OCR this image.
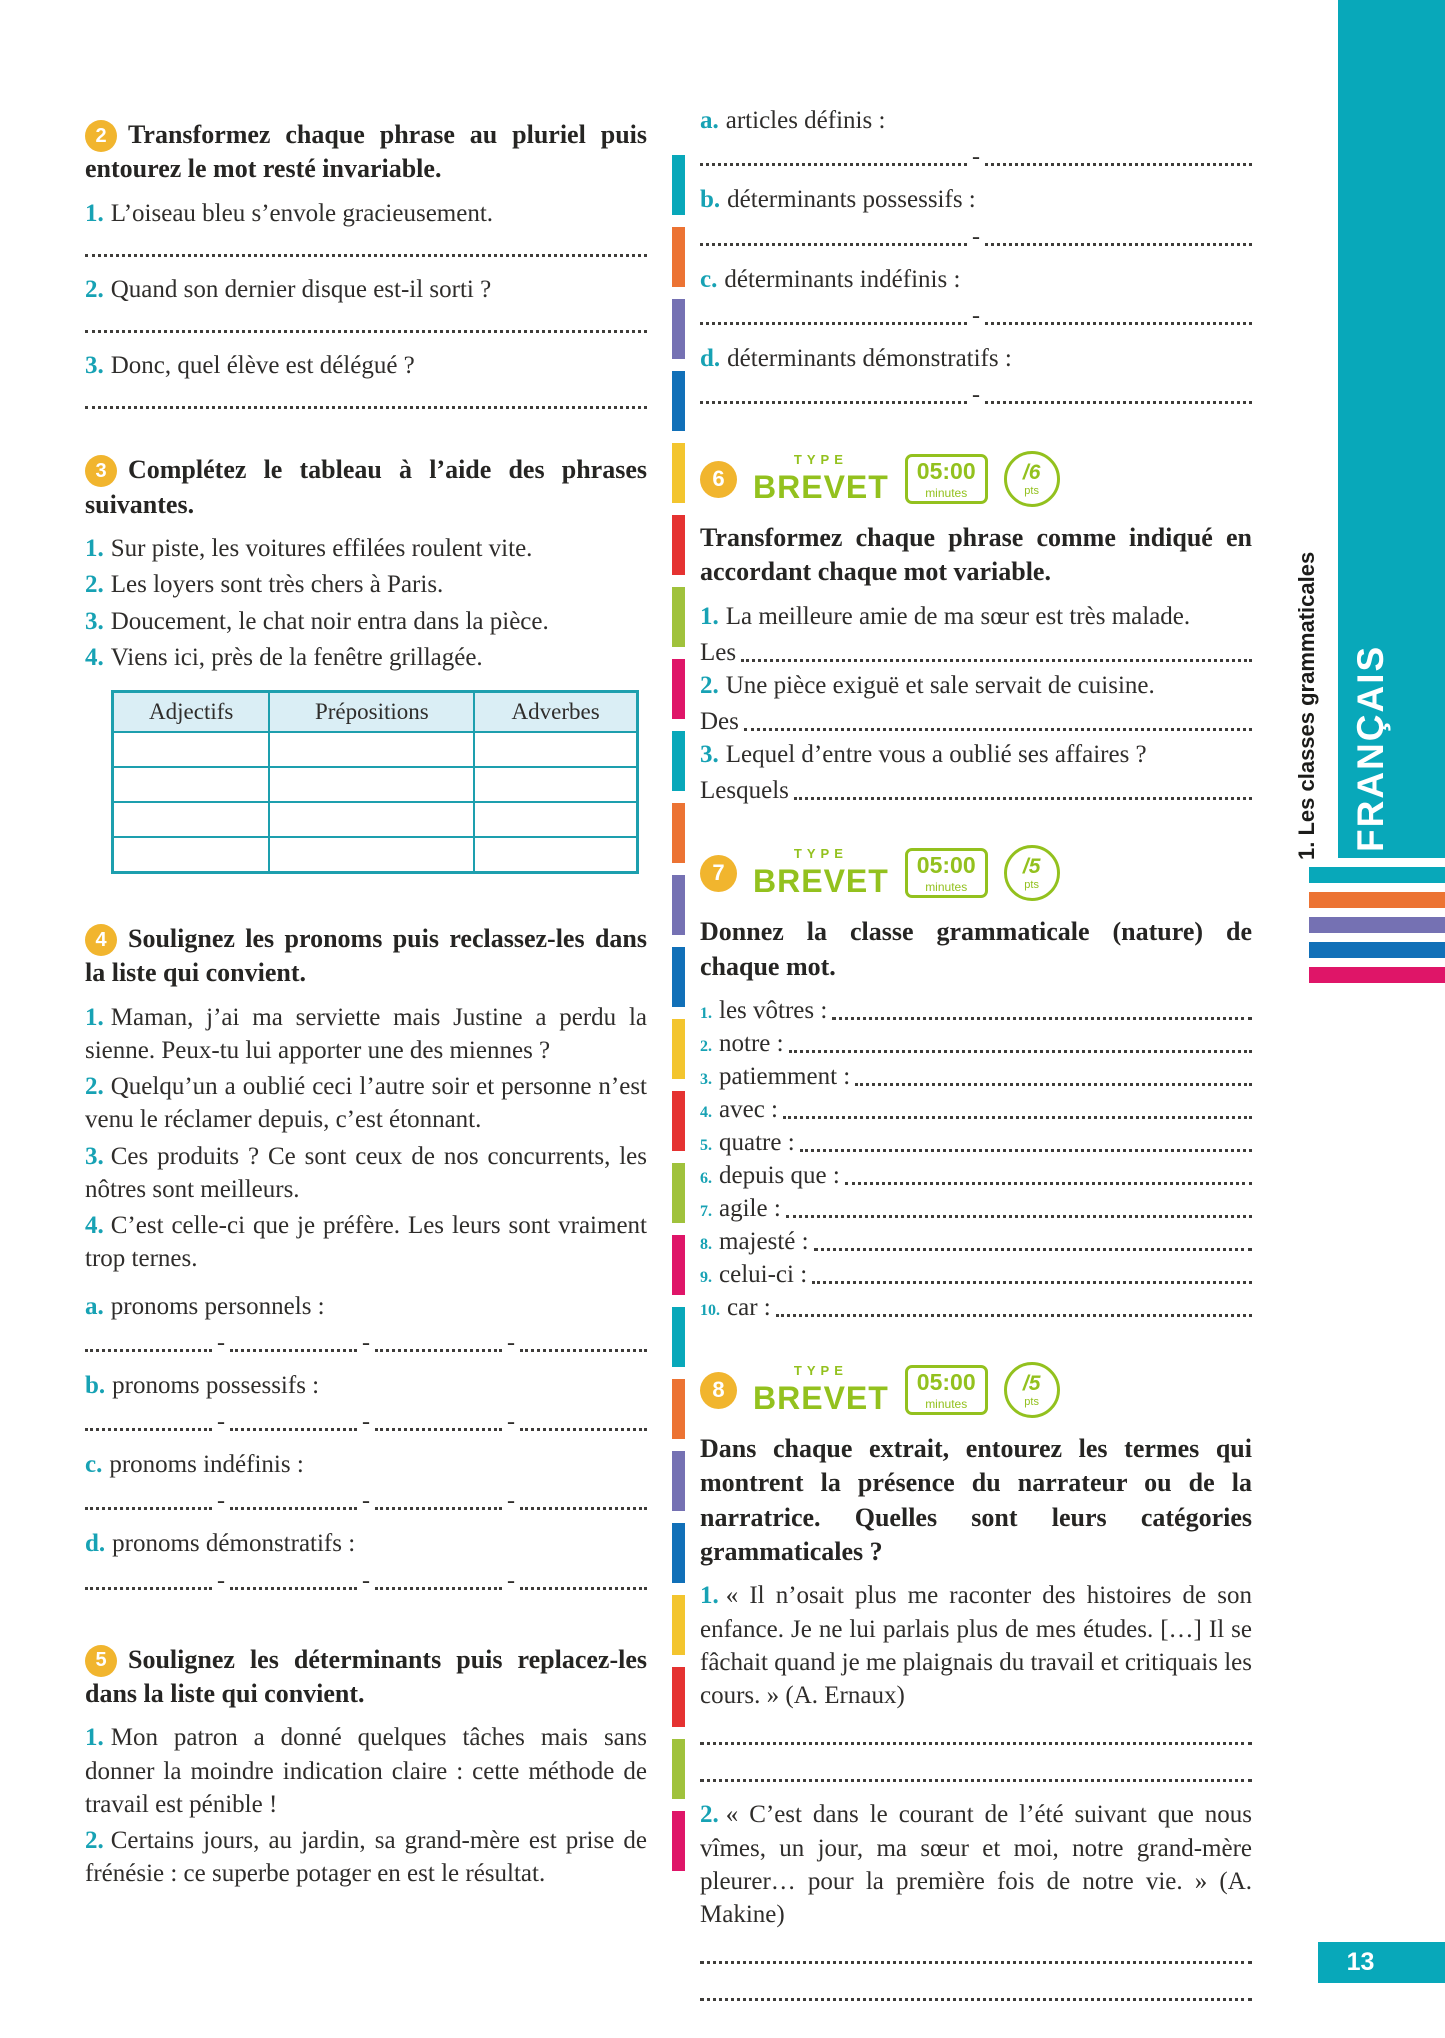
2 Transformez chaque phrase au pluriel puis entourez le mot resté invariable.

1. L’oiseau bleu s’envole gracieusement.

2. Quand son dernier disque est-il sorti ?

3. Donc, quel élève est délégué ?

3 Complétez le tableau à l’aide des phrases suivantes.

1. Sur piste, les voitures effilées roulent vite.

2. Les loyers sont très chers à Paris.

3. Doucement, le chat noir entra dans la pièce.

4. Viens ici, près de la fenêtre grillagée.

Adjectifs	Prépositions	Adverbes

4 Soulignez les pronoms puis reclassez-les dans la liste qui convient.

1. Maman, j’ai ma serviette mais Justine a perdu la sienne. Peux-tu lui apporter une des miennes ?

2. Quelqu’un a oublié ceci l’autre soir et personne n’est venu le réclamer depuis, c’est étonnant.

3. Ces produits ? Ce sont ceux de nos concurrents, les nôtres sont meilleurs.

4. C’est celle-ci que je préfère. Les leurs sont vraiment trop ternes.

a. pronoms personnels :

-	-	-

b. pronoms possessifs :

-	-	-

c. pronoms indéfinis :

-	-	-

d. pronoms démonstratifs :

-	-	-

5 Soulignez les déterminants puis replacez-les dans la liste qui convient.

1. Mon patron a donné quelques tâches mais sans donner la moindre indication claire : cette méthode de travail est pénible !

2. Certains jours, au jardin, sa grand-mère est prise de frénésie : ce superbe potager en est le résultat.

a. articles définis :

-

b. déterminants possessifs :

-

c. déterminants indéfinis :

-

d. déterminants démonstratifs :

-
6
TYPE
BREVET 05:00
minutes
/6
pts

Transformez chaque phrase comme indiqué en accordant chaque mot variable.

1. La meilleure amie de ma sœur est très malade.

Les

2. Une pièce exiguë et sale servait de cuisine.

Des

3. Lequel d’entre vous a oublié ses affaires ?

Lesquels
7
TYPE
BREVET 05:00
minutes
/5
pts

Donnez la classe grammaticale (nature) de chaque mot.

1. les vôtres :
2. notre :
3. patiemment :
4. avec :
5. quatre :
6. depuis que :
7. agile :
8. majesté :
9. celui-ci :
10. car :
8
TYPE
BREVET 05:00
minutes
/5
pts

Dans chaque extrait, entourez les termes qui montrent la présence du narrateur ou de la narratrice. Quelles sont leurs catégories grammaticales ?

1. « Il n’osait plus me raconter des histoires de son enfance. Je ne lui parlais plus de mes études. […] Il se fâchait quand je me plaignais du travail et critiquais les cours. » (A. Ernaux)

2. « C’est dans le courant de l’été suivant que nous vîmes, un jour, ma sœur et moi, notre grand-mère pleurer… pour la première fois de notre vie. » (A. Makine)

1. Les classes grammaticales FRANÇAIS
13
